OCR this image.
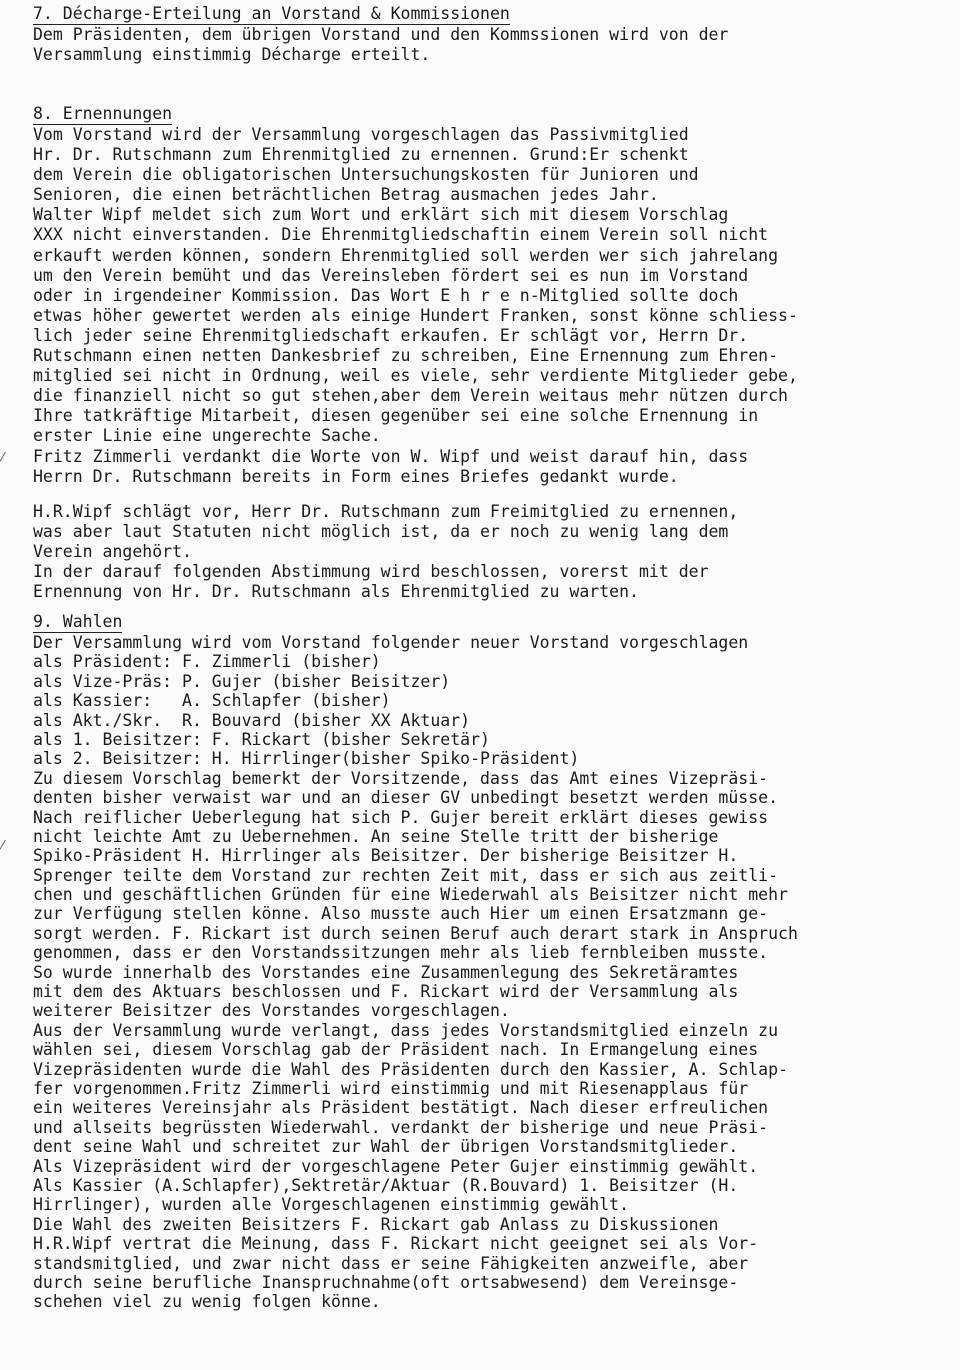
7. Décharge-Erteilung an Vorstand & Kommissionen
Dem Präsidenten, dem übrigen Vorstand und den Kommssionen wird von der
Versammlung einstimmig Décharge erteilt.
8. Ernennungen
Vom Vorstand wird der Versammlung vorgeschlagen das Passivmitglied
Hr. Dr. Rutschmann zum Ehrenmitglied zu ernennen. Grund:Er schenkt
dem Verein die obligatorischen Untersuchungskosten für Junioren und
Senioren, die einen beträchtlichen Betrag ausmachen jedes Jahr.
Walter Wipf meldet sich zum Wort und erklärt sich mit diesem Vorschlag
XXX nicht einverstanden. Die Ehrenmitgliedschaftin einem Verein soll nicht
erkauft werden können, sondern Ehrenmitglied soll werden wer sich jahrelang
um den Verein bemüht und das Vereinsleben fördert sei es nun im Vorstand
oder in irgendeiner Kommission. Das Wort E h r e n-Mitglied sollte doch
etwas höher gewertet werden als einige Hundert Franken, sonst könne schliess-
lich jeder seine Ehrenmitgliedschaft erkaufen. Er schlägt vor, Herrn Dr.
Rutschmann einen netten Dankesbrief zu schreiben, Eine Ernennung zum Ehren-
mitglied sei nicht in Ordnung, weil es viele, sehr verdiente Mitglieder gebe,
die finanziell nicht so gut stehen,aber dem Verein weitaus mehr nützen durch
Ihre tatkräftige Mitarbeit, diesen gegenüber sei eine solche Ernennung in
erster Linie eine ungerechte Sache.
Fritz Zimmerli verdankt die Worte von W. Wipf und weist darauf hin, dass
Herrn Dr. Rutschmann bereits in Form eines Briefes gedankt wurde.
H.R.Wipf schlägt vor, Herr Dr. Rutschmann zum Freimitglied zu ernennen,
was aber laut Statuten nicht möglich ist, da er noch zu wenig lang dem
Verein angehört.
In der darauf folgenden Abstimmung wird beschlossen, vorerst mit der
Ernennung von Hr. Dr. Rutschmann als Ehrenmitglied zu warten.
9. Wahlen
Der Versammlung wird vom Vorstand folgender neuer Vorstand vorgeschlagen
als Präsident: F. Zimmerli (bisher)
als Vize-Präs: P. Gujer (bisher Beisitzer)
als Kassier:   A. Schlapfer (bisher)
als Akt./Skr.  R. Bouvard (bisher XX Aktuar)
als 1. Beisitzer: F. Rickart (bisher Sekretär)
als 2. Beisitzer: H. Hirrlinger(bisher Spiko-Präsident)
Zu diesem Vorschlag bemerkt der Vorsitzende, dass das Amt eines Vizepräsi-
denten bisher verwaist war und an dieser GV unbedingt besetzt werden müsse.
Nach reiflicher Ueberlegung hat sich P. Gujer bereit erklärt dieses gewiss
nicht leichte Amt zu Uebernehmen. An seine Stelle tritt der bisherige
Spiko-Präsident H. Hirrlinger als Beisitzer. Der bisherige Beisitzer H.
Sprenger teilte dem Vorstand zur rechten Zeit mit, dass er sich aus zeitli-
chen und geschäftlichen Gründen für eine Wiederwahl als Beisitzer nicht mehr
zur Verfügung stellen könne. Also musste auch Hier um einen Ersatzmann ge-
sorgt werden. F. Rickart ist durch seinen Beruf auch derart stark in Anspruch
genommen, dass er den Vorstandssitzungen mehr als lieb fernbleiben musste.
So wurde innerhalb des Vorstandes eine Zusammenlegung des Sekretäramtes
mit dem des Aktuars beschlossen und F. Rickart wird der Versammlung als
weiterer Beisitzer des Vorstandes vorgeschlagen.
Aus der Versammlung wurde verlangt, dass jedes Vorstandsmitglied einzeln zu
wählen sei, diesem Vorschlag gab der Präsident nach. In Ermangelung eines
Vizepräsidenten wurde die Wahl des Präsidenten durch den Kassier, A. Schlap-
fer vorgenommen.Fritz Zimmerli wird einstimmig und mit Riesenapplaus für
ein weiteres Vereinsjahr als Präsident bestätigt. Nach dieser erfreulichen
und allseits begrüssten Wiederwahl. verdankt der bisherige und neue Präsi-
dent seine Wahl und schreitet zur Wahl der übrigen Vorstandsmitglieder.
Als Vizepräsident wird der vorgeschlagene Peter Gujer einstimmig gewählt.
Als Kassier (A.Schlapfer),Sektretär/Aktuar (R.Bouvard) 1. Beisitzer (H.
Hirrlinger), wurden alle Vorgeschlagenen einstimmig gewählt.
Die Wahl des zweiten Beisitzers F. Rickart gab Anlass zu Diskussionen
H.R.Wipf vertrat die Meinung, dass F. Rickart nicht geeignet sei als Vor-
standsmitglied, und zwar nicht dass er seine Fähigkeiten anzweifle, aber
durch seine berufliche Inanspruchnahme(oft ortsabwesend) dem Vereinsge-
schehen viel zu wenig folgen könne.
